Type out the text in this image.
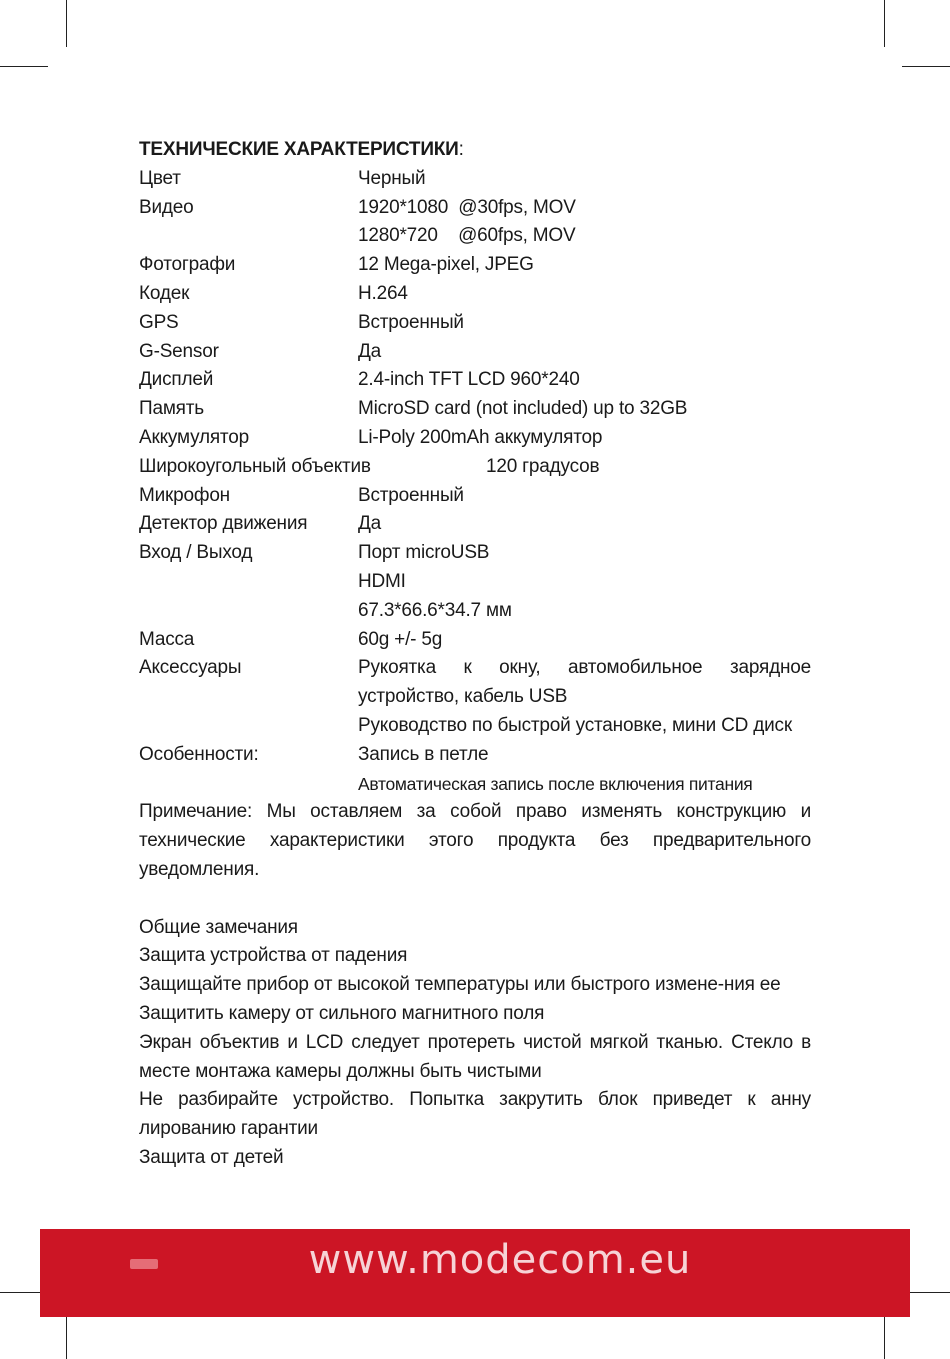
ТЕХНИЧЕСКИЕ ХАРАКТЕРИСТИКИ:
Цвет	Черный
Видео	1920*1080  @30fps, MOV
1280*720    @60fps, MOV
Фотографи	12 Mega-pixel, JPEG
Кодек	H.264
GPS	Встроенный
G-Sensor	Да
Дисплей	2.4-inch TFT LCD 960*240
Память	MicroSD card (not included) up to 32GB
Аккумулятор	Li-Poly 200mAh аккумулятор
Широкоугольный объектив	120 градусов
Микрофон	Встроенный
Детектор движения	Да
Вход / Выход	Порт microUSB
HDMI
67.3*66.6*34.7 мм
Масса	60g +/- 5g
Аксессуары	Рукоятка к окну, автомобильное зарядное устройство, кабель USB
Руководство по быстрой установке, мини CD диск
Особенности:	Запись в петле
Автоматическая запись после включения питания
Примечание: Мы оставляем за собой право изменять конструкцию и технические характеристики этого продукта без предварительного уведомления.
Общие замечания
Защита устройства от падения
Защищайте прибор от высокой температуры или быстрого измене-ния ее
Защитить камеру от сильного магнитного поля
Экран объектив и LCD следует протереть чистой мягкой тканью. Стекло в месте монтажа камеры должны быть чистыми
Не разбирайте устройство. Попытка закрутить блок приведет к анну лированию гарантии
Защита от детей
www.modecom.eu
